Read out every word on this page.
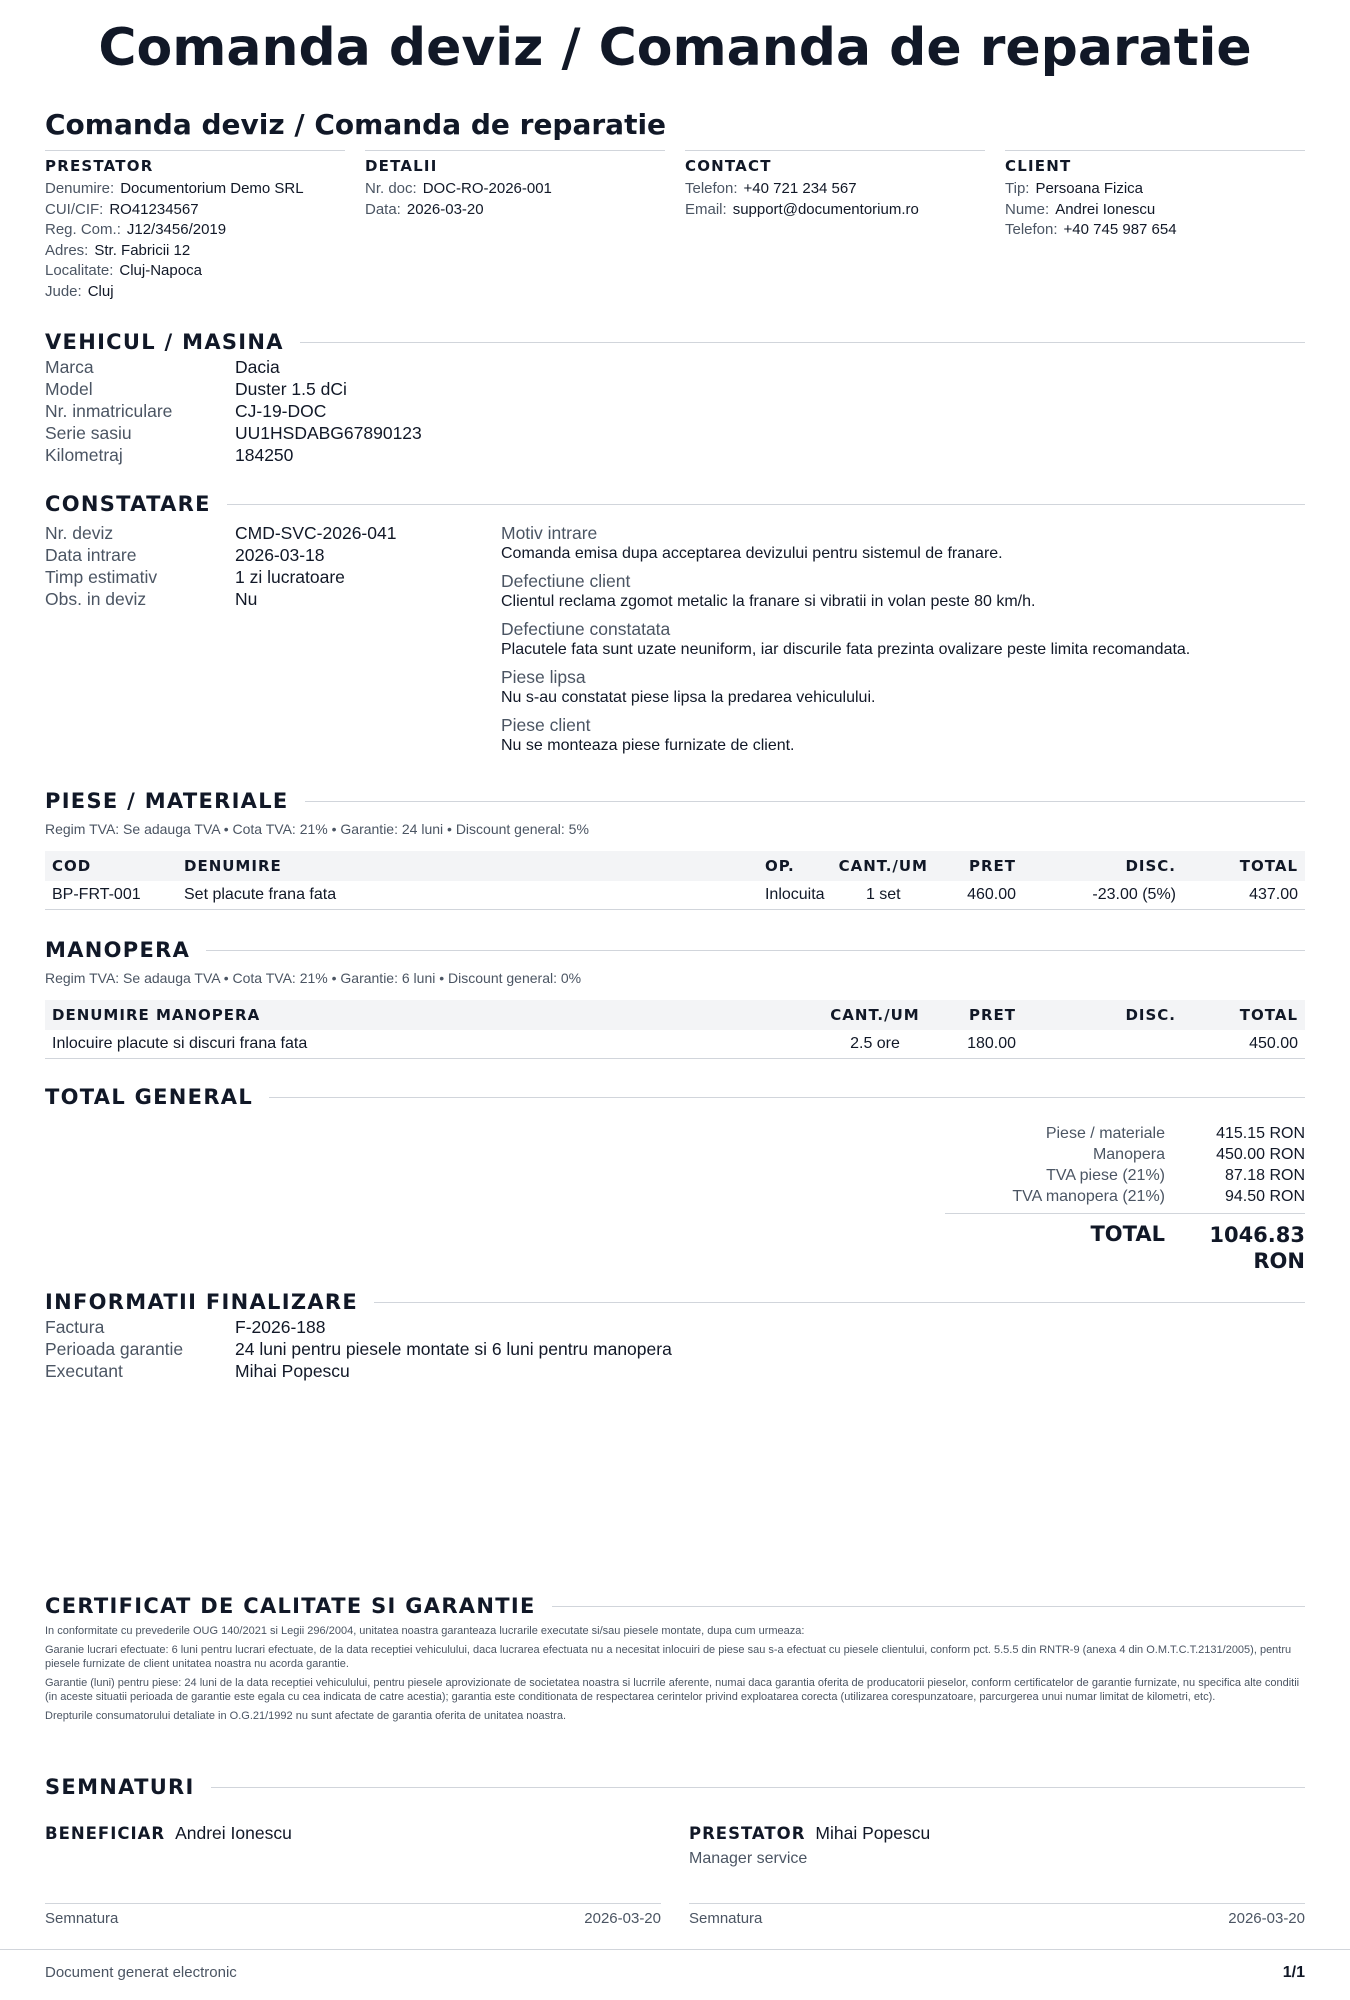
Comanda deviz / Comanda de reparatie
Comanda deviz / Comanda de reparatie
PRESTATOR
Denumire: Documentorium Demo SRL
CUI/CIF: RO41234567
Reg. Com.: J12/3456/2019
Adres: Str. Fabricii 12
Localitate: Cluj-Napoca
Jude: Cluj
DETALII
Nr. doc: DOC-RO-2026-001
Data: 2026-03-20
CONTACT
Telefon: +40 721 234 567
Email: support@documentorium.ro
CLIENT
Tip: Persoana Fizica
Nume: Andrei Ionescu
Telefon: +40 745 987 654
VEHICUL / MASINA
Marca	Dacia
Model	Duster 1.5 dCi
Nr. inmatriculare	CJ-19-DOC
Serie sasiu	UU1HSDABG67890123
Kilometraj	184250
CONSTATARE
Nr. deviz	CMD-SVC-2026-041
Data intrare	2026-03-18
Timp estimativ	1 zi lucratoare
Obs. in deviz	Nu
Motiv intrare
Comanda emisa dupa acceptarea devizului pentru sistemul de franare.
Defectiune client
Clientul reclama zgomot metalic la franare si vibratii in volan peste 80 km/h.
Defectiune constatata
Placutele fata sunt uzate neuniform, iar discurile fata prezinta ovalizare peste limita recomandata.
Piese lipsa
Nu s-au constatat piese lipsa la predarea vehiculului.
Piese client
Nu se monteaza piese furnizate de client.
PIESE / MATERIALE
Regim TVA: Se adauga TVA • Cota TVA: 21% • Garantie: 24 luni • Discount general: 5%
COD	DENUMIRE	OP.	CANT./UM	PRET	DISC.	TOTAL
BP-FRT-001	Set placute frana fata	Inlocuita	1 set	460.00	-23.00 (5%)	437.00
MANOPERA
Regim TVA: Se adauga TVA • Cota TVA: 21% • Garantie: 6 luni • Discount general: 0%
DENUMIRE MANOPERA	CANT./UM	PRET	DISC.	TOTAL
Inlocuire placute si discuri frana fata	2.5 ore	180.00		450.00
TOTAL GENERAL
Piese / materiale	415.15 RON
Manopera	450.00 RON
TVA piese (21%)	87.18 RON
TVA manopera (21%)	94.50 RON
TOTAL	1046.83
RON
INFORMATII FINALIZARE
Factura	F-2026-188
Perioada garantie	24 luni pentru piesele montate si 6 luni pentru manopera
Executant	Mihai Popescu
CERTIFICAT DE CALITATE SI GARANTIE

In conformitate cu prevederile OUG 140/2021 si Legii 296/2004, unitatea noastra garanteaza lucrarile executate si/sau piesele montate, dupa cum urmeaza:

Garanie lucrari efectuate: 6 luni pentru lucrari efectuate, de la data receptiei vehiculului, daca lucrarea efectuata nu a necesitat inlocuiri de piese sau s-a efectuat cu piesele clientului, conform pct. 5.5.5 din RNTR-9 (anexa 4 din O.M.T.C.T.2131/2005), pentru piesele furnizate de client unitatea noastra nu acorda garantie.

Garantie (luni) pentru piese: 24 luni de la data receptiei vehiculului, pentru piesele aprovizionate de societatea noastra si lucrrile aferente, numai daca garantia oferita de producatorii pieselor, conform certificatelor de garantie furnizate, nu specifica alte conditii (in aceste situatii perioada de garantie este egala cu cea indicata de catre acestia); garantia este conditionata de respectarea cerintelor privind exploatarea corecta (utilizarea corespunzatoare, parcurgerea unui numar limitat de kilometri, etc).

Drepturile consumatorului detaliate in O.G.21/1992 nu sunt afectate de garantia oferita de unitatea noastra.

SEMNATURI
BENEFICIAR Andrei Ionescu
Semnatura	2026-03-20
PRESTATOR Mihai Popescu
Manager service
Semnatura	2026-03-20
Document generat electronic	1/1
